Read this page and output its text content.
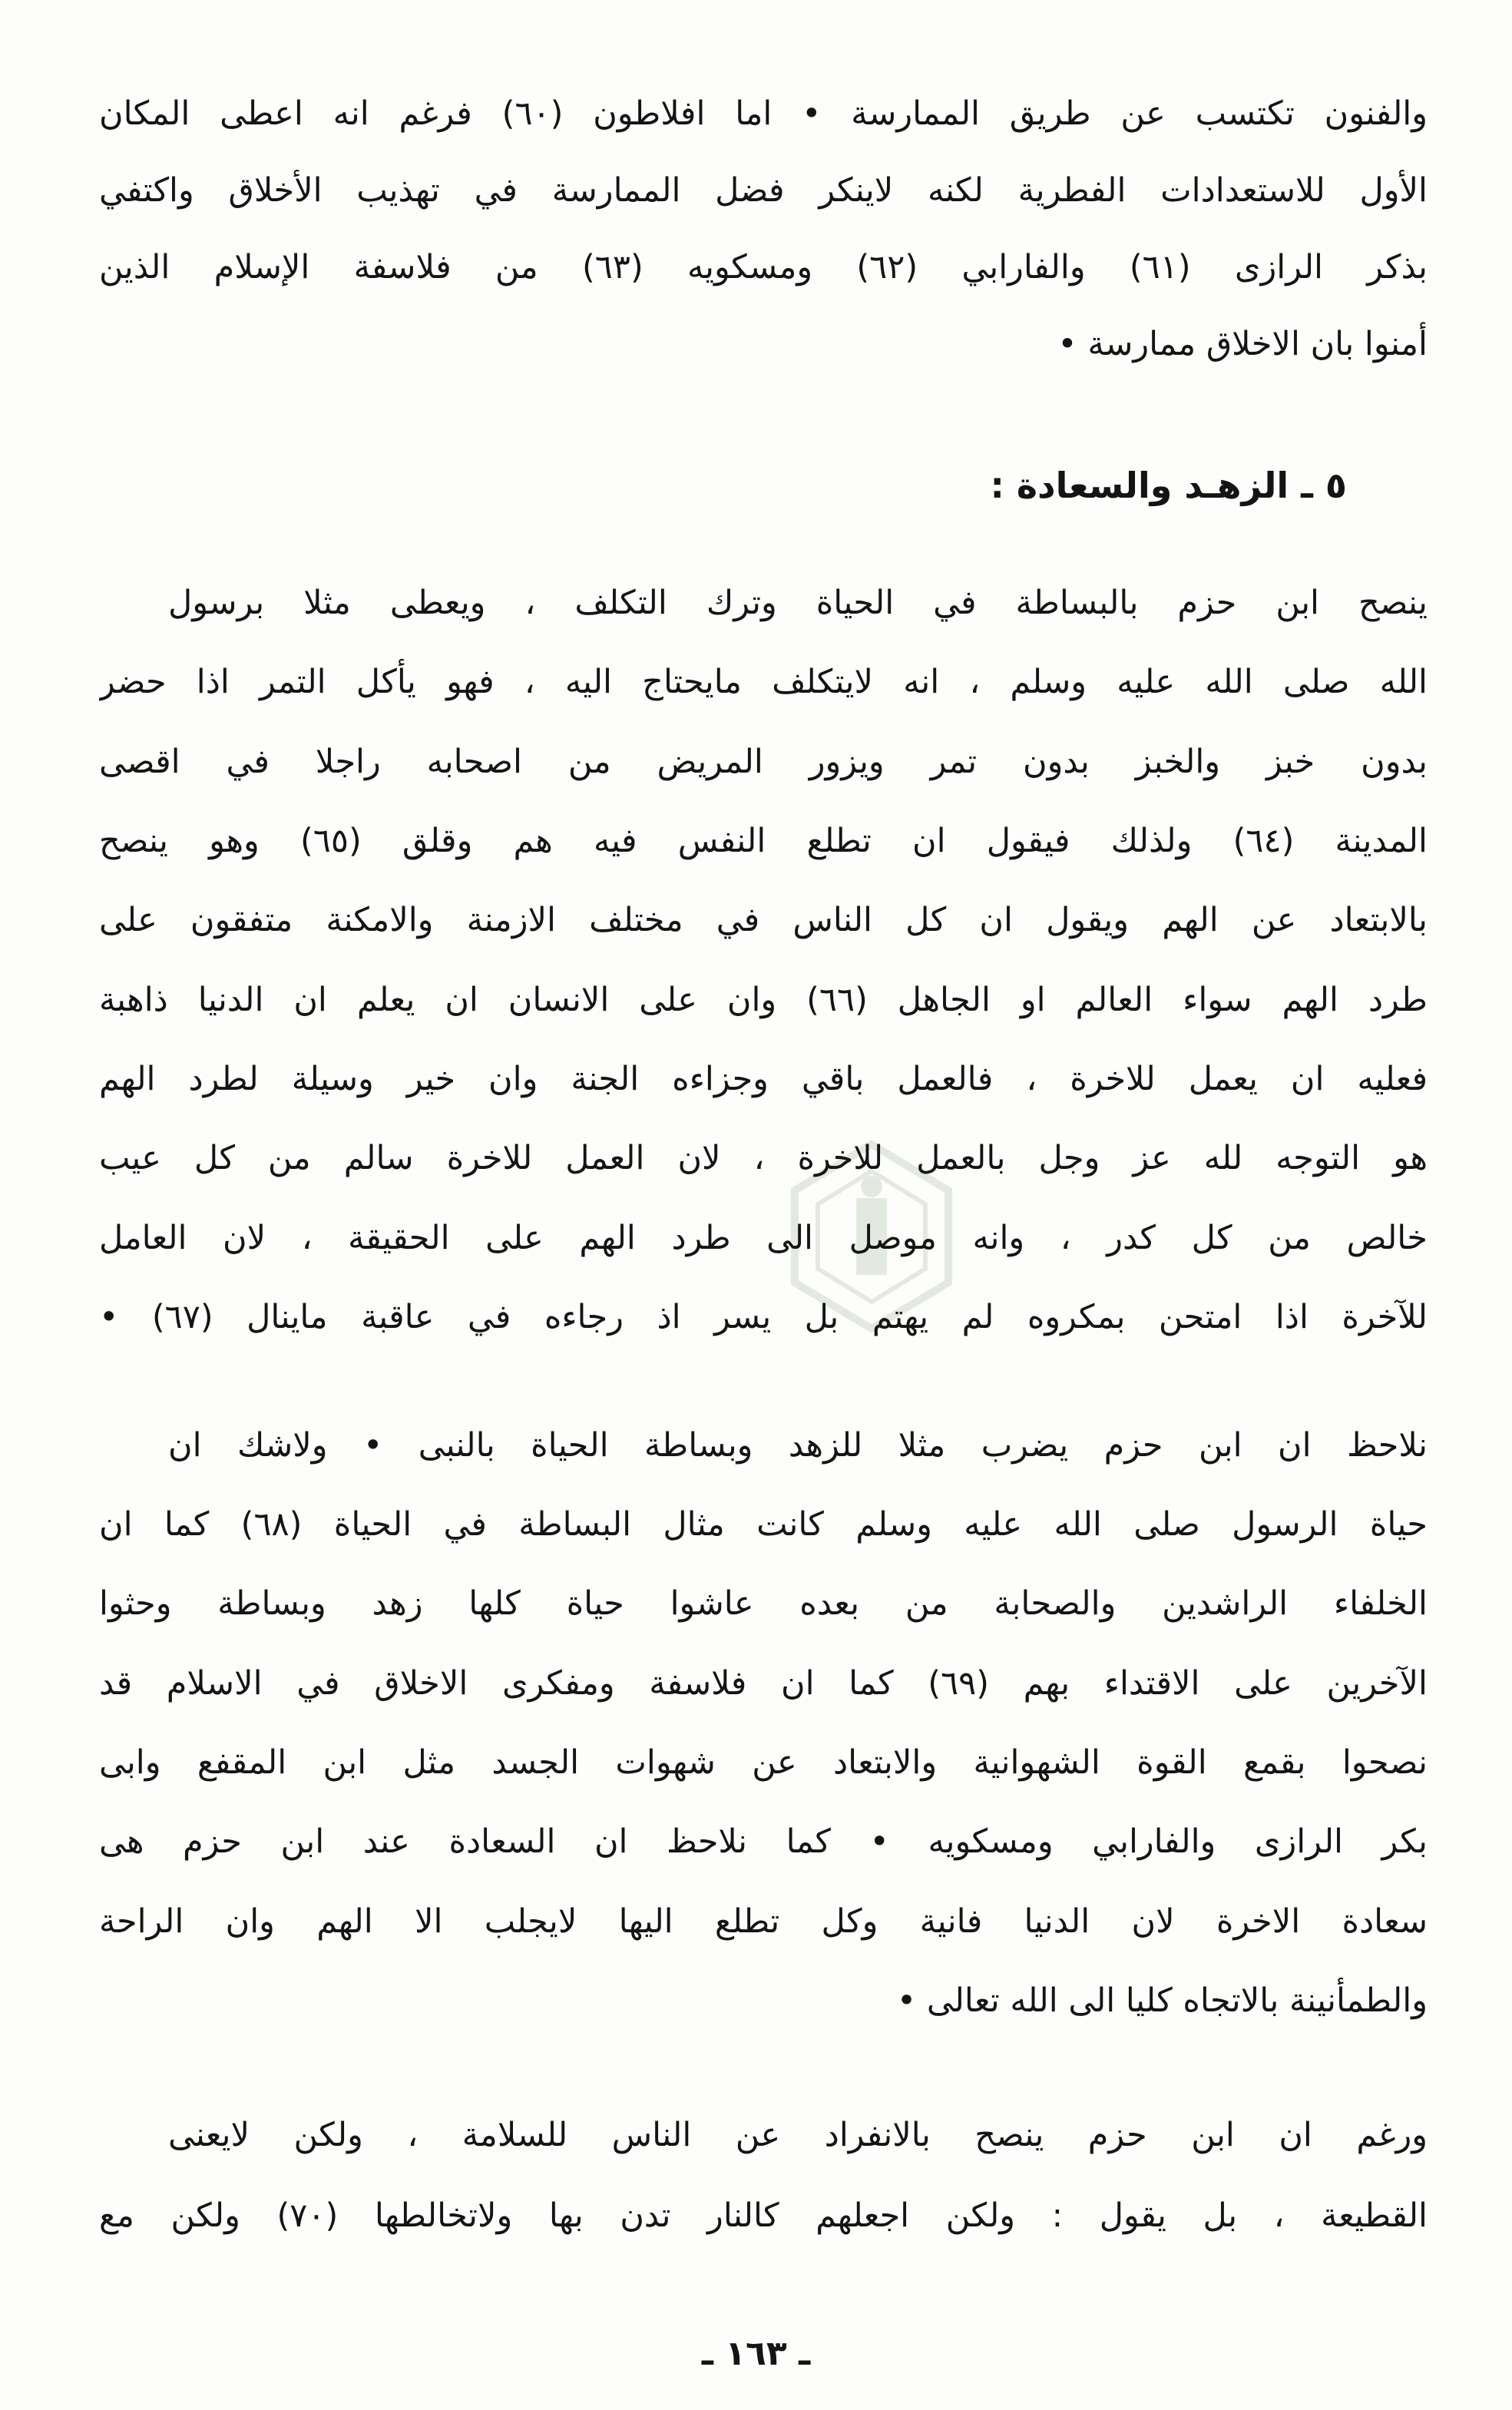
والفنون تكتسب عن طريق الممارسة • اما افلاطون (٦٠) فرغم انه اعطى المكان
الأول للاستعدادات الفطرية لكنه لاينكر فضل الممارسة في تهذيب الأخلاق واكتفي
بذكر الرازى (٦١) والفارابي (٦٢) ومسكويه (٦٣) من فلاسفة الإسلام الذين
أمنوا بان الاخلاق ممارسة •
٥ ـ الزهـد والسعادة :
ينصح ابن حزم بالبساطة في الحياة وترك التكلف ، ويعطى مثلا برسول
الله صلى الله عليه وسلم ، انه لايتكلف مايحتاج اليه ، فهو يأكل التمر اذا حضر
بدون خبز والخبز بدون تمر ويزور المريض من اصحابه راجلا في اقصى
المدينة (٦٤) ولذلك فيقول ان تطلع النفس فيه هم وقلق (٦٥) وهو ينصح
بالابتعاد عن الهم ويقول ان كل الناس في مختلف الازمنة والامكنة متفقون على
طرد الهم سواء العالم او الجاهل (٦٦) وان على الانسان ان يعلم ان الدنيا ذاهبة
فعليه ان يعمل للاخرة ، فالعمل باقي وجزاءه الجنة وان خير وسيلة لطرد الهم
هو التوجه لله عز وجل بالعمل للاخرة ، لان العمل للاخرة سالم من كل عيب
خالص من كل كدر ، وانه موصل الى طرد الهم على الحقيقة ، لان العامل
للآخرة اذا امتحن بمكروه لم يهتم بل يسر اذ رجاءه في عاقبة ماينال (٦٧) •
نلاحظ ان ابن حزم يضرب مثلا للزهد وبساطة الحياة بالنبى • ولاشك ان
حياة الرسول صلى الله عليه وسلم كانت مثال البساطة في الحياة (٦٨) كما ان
الخلفاء الراشدين والصحابة من بعده عاشوا حياة كلها زهد وبساطة وحثوا
الآخرين على الاقتداء بهم (٦٩) كما ان فلاسفة ومفكرى الاخلاق في الاسلام قد
نصحوا بقمع القوة الشهوانية والابتعاد عن شهوات الجسد مثل ابن المقفع وابى
بكر الرازى والفارابي ومسكويه • كما نلاحظ ان السعادة عند ابن حزم هى
سعادة الاخرة لان الدنيا فانية وكل تطلع اليها لايجلب الا الهم وان الراحة
والطمأنينة بالاتجاه كليا الى الله تعالى •
ورغم ان ابن حزم ينصح بالانفراد عن الناس للسلامة ، ولكن لايعنى
القطيعة ، بل يقول : ولكن اجعلهم كالنار تدن بها ولاتخالطها (٧٠) ولكن مع
ـ ١٦٣ ـ
